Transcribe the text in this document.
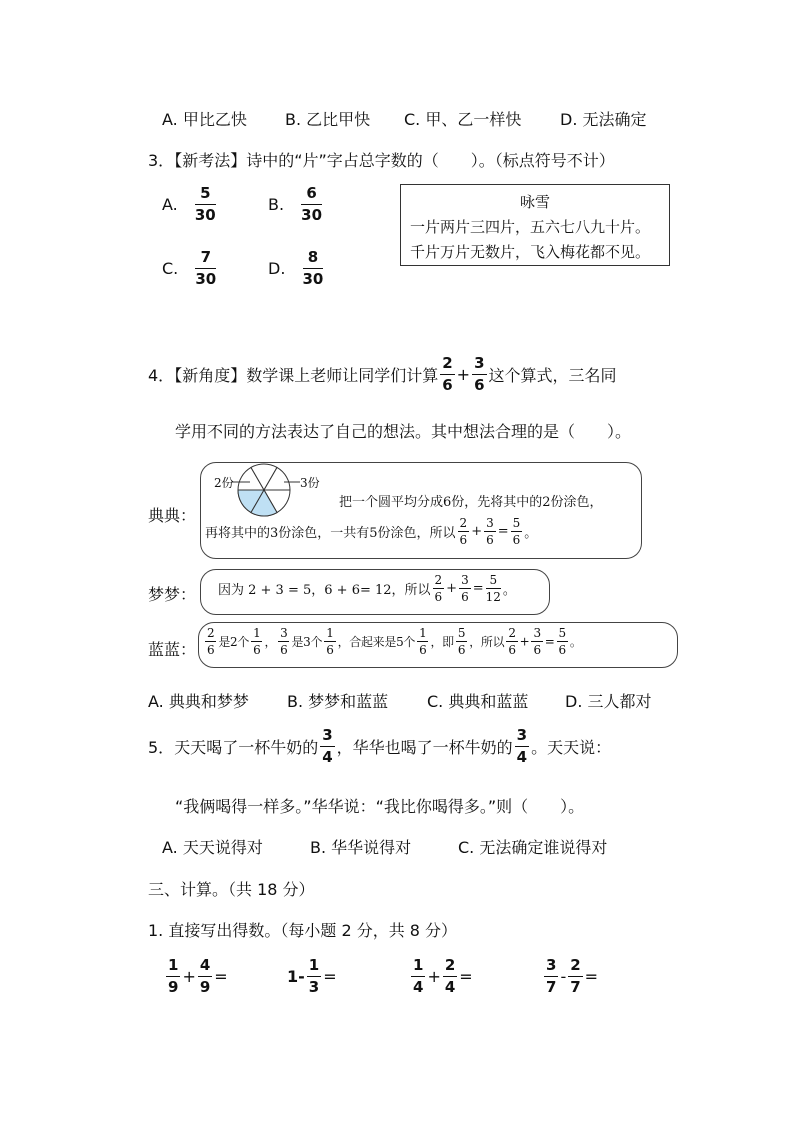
A. 甲比乙快 B. 乙比甲快 C. 甲、乙一样快 D. 无法确定
3．【新考法】诗中的“片”字占总字数的（　　）。（标点符号不计）
A. $\frac{5}{30}$	B. $\frac{6}{30}$
C. $\frac{7}{30}$	D. $\frac{8}{30}$
咏雪
一片两片三四片，五六七八九十片。
千片万片无数片，飞入梅花都不见。
4．【新角度】数学课上老师让同学们计算 $\frac{2}{6} + \frac{3}{6}$ 这个算式，三名同
学用不同的方法表达了自己的想法。其中想法合理的是（　　）。
典典：
2份	3份
把一个圆平均分成6份，先将其中的2份涂色，
再将其中的3份涂色，一共有5份涂色，所以 $\frac{2}{6} + \frac{3}{6} = \frac{5}{6}$ 。
梦梦： 因为 2 + 3 = 5，6 + 6= 12，所以 $\frac{2}{6} + \frac{3}{6} = \frac{5}{12}$ 。
蓝蓝： $\frac{2}{6}$ 是2个 $\frac{1}{6}$ ， $\frac{3}{6}$ 是3个 $\frac{1}{6}$ ，合起来是5个 $\frac{1}{6}$ ，即 $\frac{5}{6}$ ，所以 $\frac{2}{6} + \frac{3}{6} = \frac{5}{6}$ 。
A. 典典和梦梦 B. 梦梦和蓝蓝 C. 典典和蓝蓝 D. 三人都对
5．天天喝了一杯牛奶的 $\frac{3}{4}$ ，华华也喝了一杯牛奶的 $\frac{3}{4}$ 。天天说：
“我俩喝得一样多。”华华说：“我比你喝得多。”则（　　）。
A. 天天说得对	B. 华华说得对	C. 无法确定谁说得对
三、计算。（共 18 分）
1. 直接写出得数。（每小题 2 分，共 8 分）
$\frac{1}{9} + \frac{4}{9}$ =	$1- \frac{1}{3}$ =	$\frac{1}{4} + \frac{2}{4}$ =	$\frac{3}{7} - \frac{2}{7}$ =
